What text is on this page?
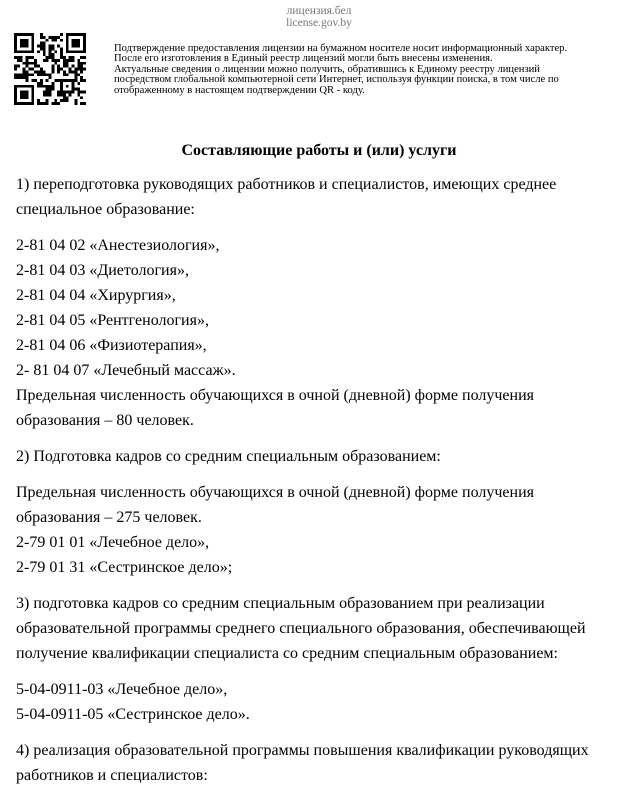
лицензия.бел
license.gov.by
Подтверждение предоставления лицензии на бумажном носителе носит информационный характер.
После его изготовления в Единый реестр лицензий могли быть внесены изменения.
Актуальные сведения о лицензии можно получить, обратившись к Единому реестру лицензий
посредством глобальной компьютерной сети Интернет, используя функции поиска, в том числе по
отображенному в настоящем подтверждении QR - коду.
Составляющие работы и (или) услуги
1) переподготовка руководящих работников и специалистов, имеющих среднее
специальное образование:
2-81 04 02 «Анестезиология»,
2-81 04 03 «Диетология»,
2-81 04 04 «Хирургия»,
2-81 04 05 «Рентгенология»,
2-81 04 06 «Физиотерапия»,
2- 81 04 07 «Лечебный массаж».
Предельная численность обучающихся в очной (дневной) форме получения
образования – 80 человек.
2) Подготовка кадров со средним специальным образованием:
Предельная численность обучающихся в очной (дневной) форме получения
образования – 275 человек.
2-79 01 01 «Лечебное дело»,
2-79 01 31 «Сестринское дело»;
3) подготовка кадров со средним специальным образованием при реализации
образовательной программы среднего специального образования, обеспечивающей
получение квалификации специалиста со средним специальным образованием:
5-04-0911-03 «Лечебное дело»,
5-04-0911-05 «Сестринское дело».
4) реализация образовательной программы повышения квалификации руководящих
работников и специалистов:
